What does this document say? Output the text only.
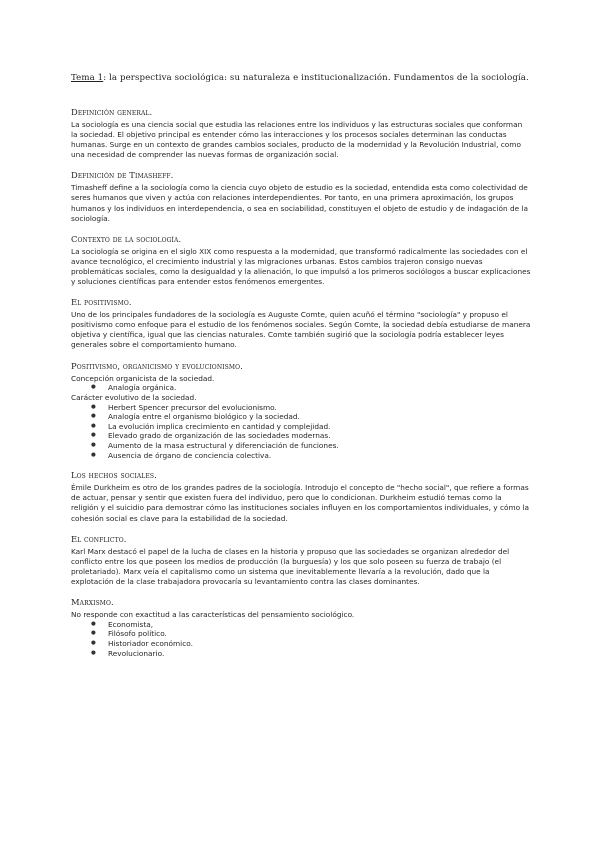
Tema 1: la perspectiva sociológica: su naturaleza e institucionalización. Fundamentos de la sociología.
Definición general.

La sociología es una ciencia social que estudia las relaciones entre los individuos y las estructuras sociales que conforman la sociedad. El objetivo principal es entender cómo las interacciones y los procesos sociales determinan las conductas humanas. Surge en un contexto de grandes cambios sociales, producto de la modernidad y la Revolución Industrial, como una necesidad de comprender las nuevas formas de organización social.

Definición de Timasheff.

Timasheff define a la sociología como la ciencia cuyo objeto de estudio es la sociedad, entendida esta como colectividad de seres humanos que viven y actúa con relaciones interdependientes. Por tanto, en una primera aproximación, los grupos humanos y los individuos en interdependencia, o sea en sociabilidad, constituyen el objeto de estudio y de indagación de la sociología.

Contexto de la sociología.

La sociología se origina en el siglo XIX como respuesta a la modernidad, que transformó radicalmente las sociedades con el avance tecnológico, el crecimiento industrial y las migraciones urbanas. Estos cambios trajeron consigo nuevas problemáticas sociales, como la desigualdad y la alienación, lo que impulsó a los primeros sociólogos a buscar explicaciones y soluciones científicas para entender estos fenómenos emergentes.

El positivismo.

Uno de los principales fundadores de la sociología es Auguste Comte, quien acuñó el término "sociología" y propuso el positivismo como enfoque para el estudio de los fenómenos sociales. Según Comte, la sociedad debía estudiarse de manera objetiva y científica, igual que las ciencias naturales. Comte también sugirió que la sociología podría establecer leyes generales sobre el comportamiento humano.

Positivismo, organicismo y evolucionismo.

Concepción organicista de la sociedad.

● Analogía orgánica.

Carácter evolutivo de la sociedad.

● Herbert Spencer precursor del evolucionismo.
● Analogía entre el organismo biológico y la sociedad.
● La evolución implica crecimiento en cantidad y complejidad.
● Elevado grado de organización de las sociedades modernas.
● Aumento de la masa estructural y diferenciación de funciones.
● Ausencia de órgano de conciencia colectiva.
Los hechos sociales.

Émile Durkheim es otro de los grandes padres de la sociología. Introdujo el concepto de "hecho social", que refiere a formas de actuar, pensar y sentir que existen fuera del individuo, pero que lo condicionan. Durkheim estudió temas como la religión y el suicidio para demostrar cómo las instituciones sociales influyen en los comportamientos individuales, y cómo la cohesión social es clave para la estabilidad de la sociedad.

El conflicto.

Karl Marx destacó el papel de la lucha de clases en la historia y propuso que las sociedades se organizan alrededor del conflicto entre los que poseen los medios de producción (la burguesía) y los que solo poseen su fuerza de trabajo (el proletariado). Marx veía el capitalismo como un sistema que inevitablemente llevaría a la revolución, dado que la explotación de la clase trabajadora provocaría su levantamiento contra las clases dominantes.

Marxismo.

No responde con exactitud a las características del pensamiento sociológico.

● Economista,
● Filósofo político.
● Historiador económico.
● Revolucionario.
